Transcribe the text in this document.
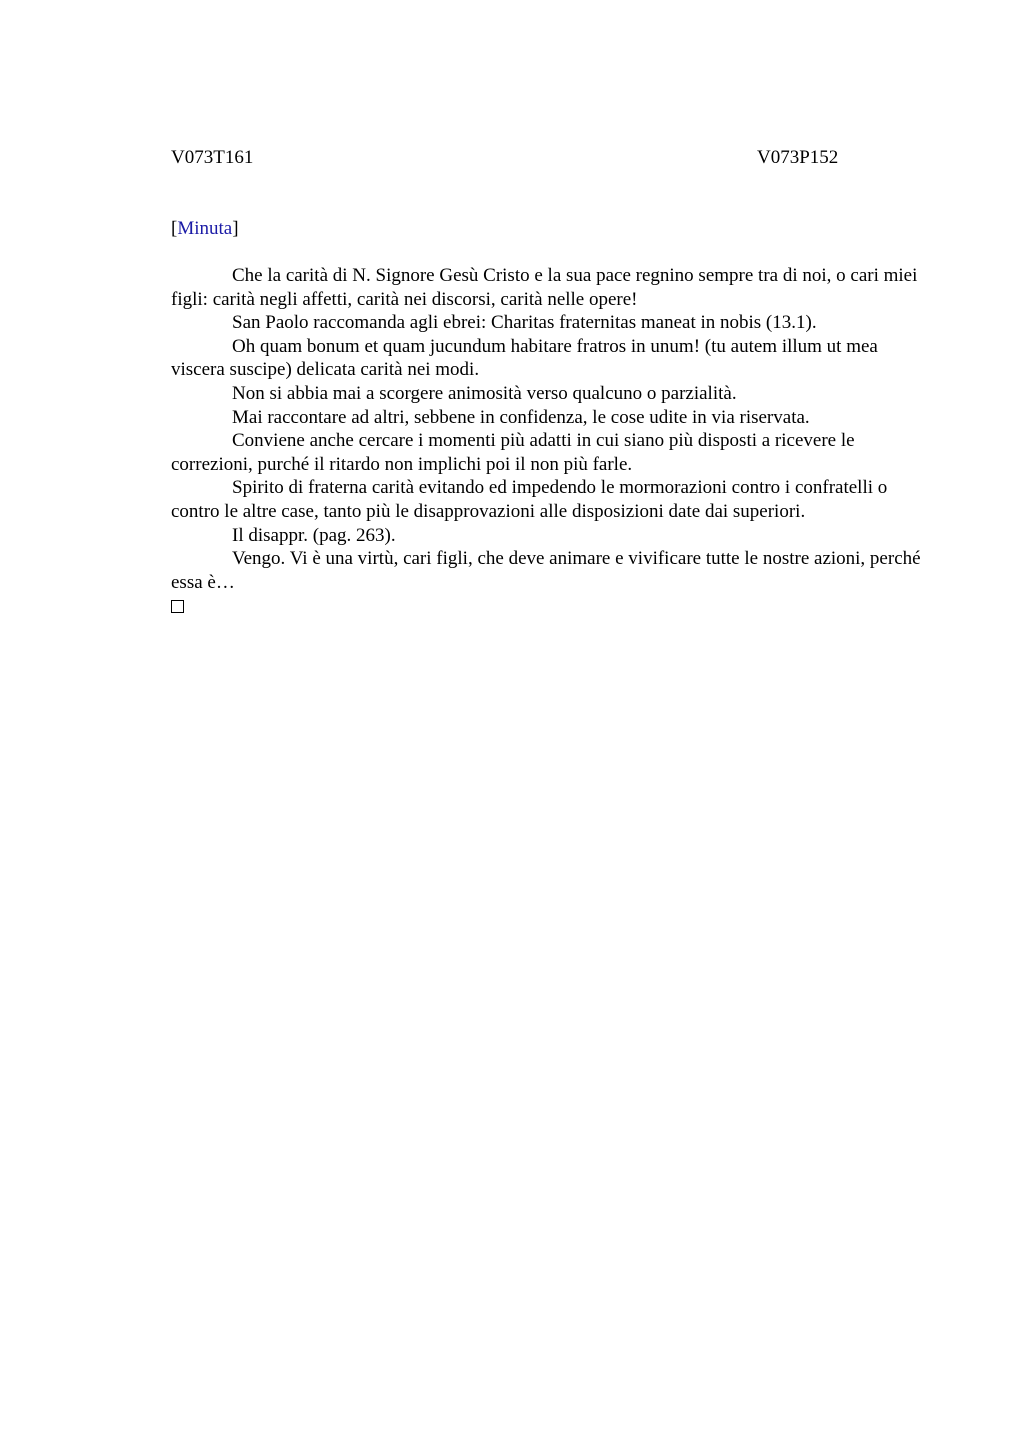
V073T161	V073P152
[Minuta]

Che la carità di N. Signore Gesù Cristo e la sua pace regnino sempre tra di noi, o cari miei figli: carità negli affetti, carità nei discorsi, carità nelle opere!

San Paolo raccomanda agli ebrei: Charitas fraternitas maneat in nobis (13.1).

Oh quam bonum et quam jucundum habitare fratros in unum! (tu autem illum ut mea viscera suscipe) delicata carità nei modi.

Non si abbia mai a scorgere animosità verso qualcuno o parzialità.

Mai raccontare ad altri, sebbene in confidenza, le cose udite in via riservata.

Conviene anche cercare i momenti più adatti in cui siano più disposti a ricevere le correzioni, purché il ritardo non implichi poi il non più farle.

Spirito di fraterna carità evitando ed impedendo le mormorazioni contro i confratelli o contro le altre case, tanto più le disapprovazioni alle disposizioni date dai superiori.

Il disappr. (pag. 263).

Vengo. Vi è una virtù, cari figli, che deve animare e vivificare tutte le nostre azioni, perché essa è…
